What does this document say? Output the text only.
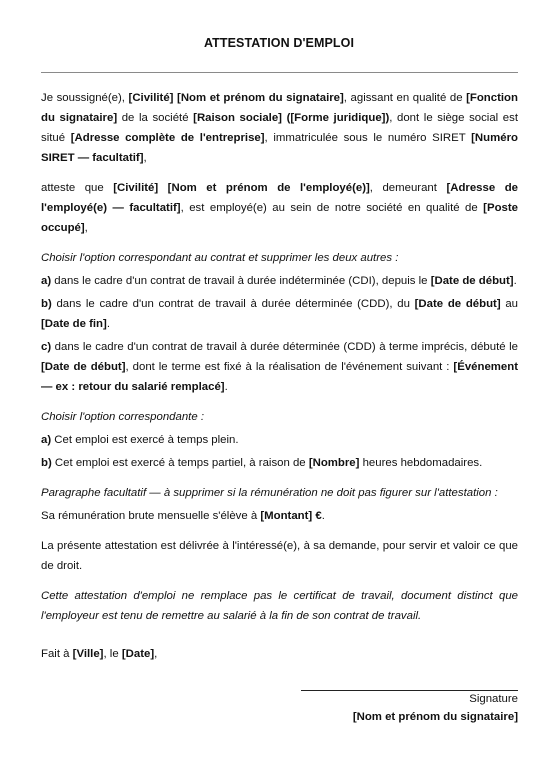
ATTESTATION D'EMPLOI

Je soussigné(e), [Civilité] [Nom et prénom du signataire], agissant en qualité de [Fonction du signataire] de la société [Raison sociale] ([Forme juridique]), dont le siège social est situé [Adresse complète de l'entreprise], immatriculée sous le numéro SIRET [Numéro SIRET — facultatif],

atteste que [Civilité] [Nom et prénom de l'employé(e)], demeurant [Adresse de l'employé(e) — facultatif], est employé(e) au sein de notre société en qualité de [Poste occupé],

Choisir l'option correspondant au contrat et supprimer les deux autres :

a) dans le cadre d'un contrat de travail à durée indéterminée (CDI), depuis le [Date de début].

b) dans le cadre d'un contrat de travail à durée déterminée (CDD), du [Date de début] au [Date de fin].

c) dans le cadre d'un contrat de travail à durée déterminée (CDD) à terme imprécis, débuté le [Date de début], dont le terme est fixé à la réalisation de l'événement suivant : [Événement — ex : retour du salarié remplacé].

Choisir l'option correspondante :

a) Cet emploi est exercé à temps plein.

b) Cet emploi est exercé à temps partiel, à raison de [Nombre] heures hebdomadaires.

Paragraphe facultatif — à supprimer si la rémunération ne doit pas figurer sur l'attestation :

Sa rémunération brute mensuelle s'élève à [Montant] €.

La présente attestation est délivrée à l'intéressé(e), à sa demande, pour servir et valoir ce que de droit.

Cette attestation d'emploi ne remplace pas le certificat de travail, document distinct que l'employeur est tenu de remettre au salarié à la fin de son contrat de travail.

Fait à [Ville], le [Date],

Signature
[Nom et prénom du signataire]
